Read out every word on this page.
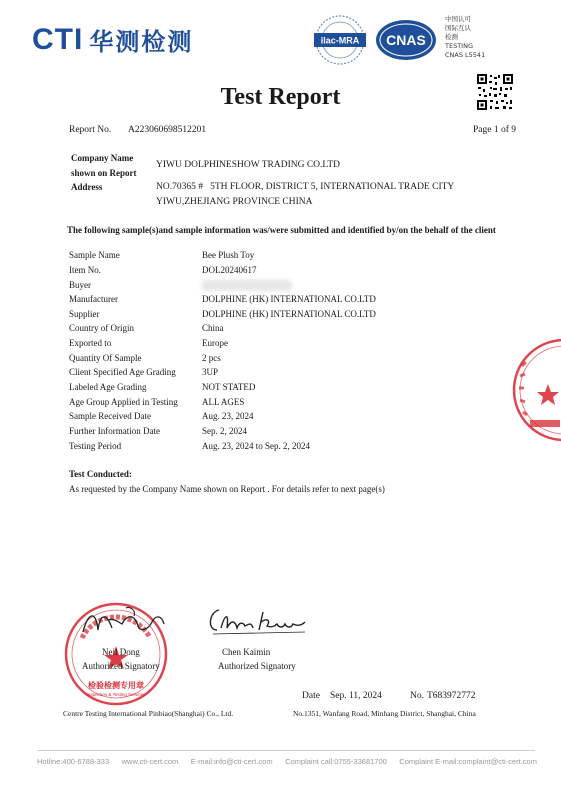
CTI 华测检测	ilac-MRA CNAS
中国认可
国际互认
检测
TESTING
CNAS L5541
Test Report
Report No. A223060698512201	Page 1 of 9
Company Name shown on Report
YIWU DOLPHINESHOW TRADING CO.LTD
Address	NO.70365 #   5TH FLOOR, DISTRICT 5, INTERNATIONAL TRADE CITY
YIWU,ZHEJIANG PROVINCE CHINA
The following sample(s)and sample information was/were submitted and identified by/on the behalf of the client
Sample Name	Bee Plush Toy
Item No.	DOL20240617
Buyer
Manufacturer	DOLPHINE (HK) INTERNATIONAL CO.LTD
Supplier	DOLPHINE (HK) INTERNATIONAL CO.LTD
Country of Origin	China
Exported to	Europe
Quantity Of Sample	2 pcs
Client Specified Age Grading	3UP
Labeled Age Grading	NOT STATED
Age Group Applied in Testing	ALL AGES
Sample Received Date	Aug. 23, 2024
Further Information Date	Sep. 2, 2024
Testing Period	Aug. 23, 2024 to Sep. 2, 2024
Test Conducted:
As requested by the Company Name shown on Report . For details refer to next page(s)
检验检测专用章
Inspection & Testing Services
Neil Dong
Authorized Signatory
Chen Kaimin
Authorized Signatory
Date Sep. 11, 2024	No. T683972772
Centre Testing International Pinbiao(Shanghai) Co., Ltd.	No.1351, Wanfang Road, Minhang District, Shanghai, China
Hotline:400-6788-333 www.cti-cert.com E-mail:info@cti-cert.com Complaint call:0755-33681700 Complaint E-mail:complaint@cti-cert.com
